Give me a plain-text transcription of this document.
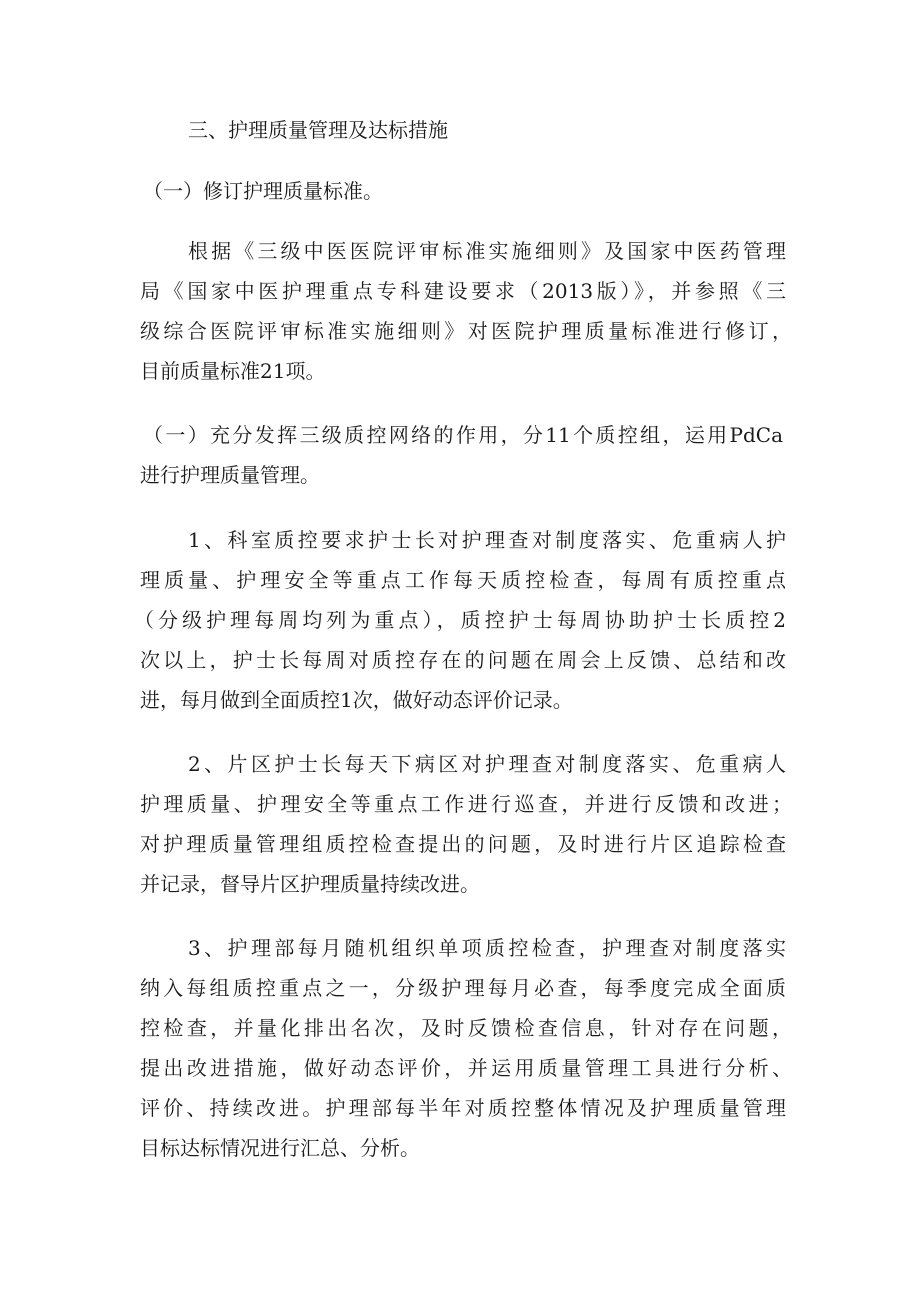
三、护理质量管理及达标措施

（一）修订护理质量标准。

根据《三级中医医院评审标准实施细则》及国家中医药管理

局《国家中医护理重点专科建设要求（2013版）》，并参照《三

级综合医院评审标准实施细则》对医院护理质量标准进行修订，

目前质量标准21项。

（一）充分发挥三级质控网络的作用，分11个质控组，运用PdCa

进行护理质量管理。

1、科室质控要求护士长对护理查对制度落实、危重病人护

理质量、护理安全等重点工作每天质控检查，每周有质控重点

（分级护理每周均列为重点），质控护士每周协助护士长质控2

次以上，护士长每周对质控存在的问题在周会上反馈、总结和改

进，每月做到全面质控1次，做好动态评价记录。

2、片区护士长每天下病区对护理查对制度落实、危重病人

护理质量、护理安全等重点工作进行巡查，并进行反馈和改进；

对护理质量管理组质控检查提出的问题，及时进行片区追踪检查

并记录，督导片区护理质量持续改进。

3、护理部每月随机组织单项质控检查，护理查对制度落实

纳入每组质控重点之一，分级护理每月必查，每季度完成全面质

控检查，并量化排出名次，及时反馈检查信息，针对存在问题，

提出改进措施，做好动态评价，并运用质量管理工具进行分析、

评价、持续改进。护理部每半年对质控整体情况及护理质量管理

目标达标情况进行汇总、分析。
